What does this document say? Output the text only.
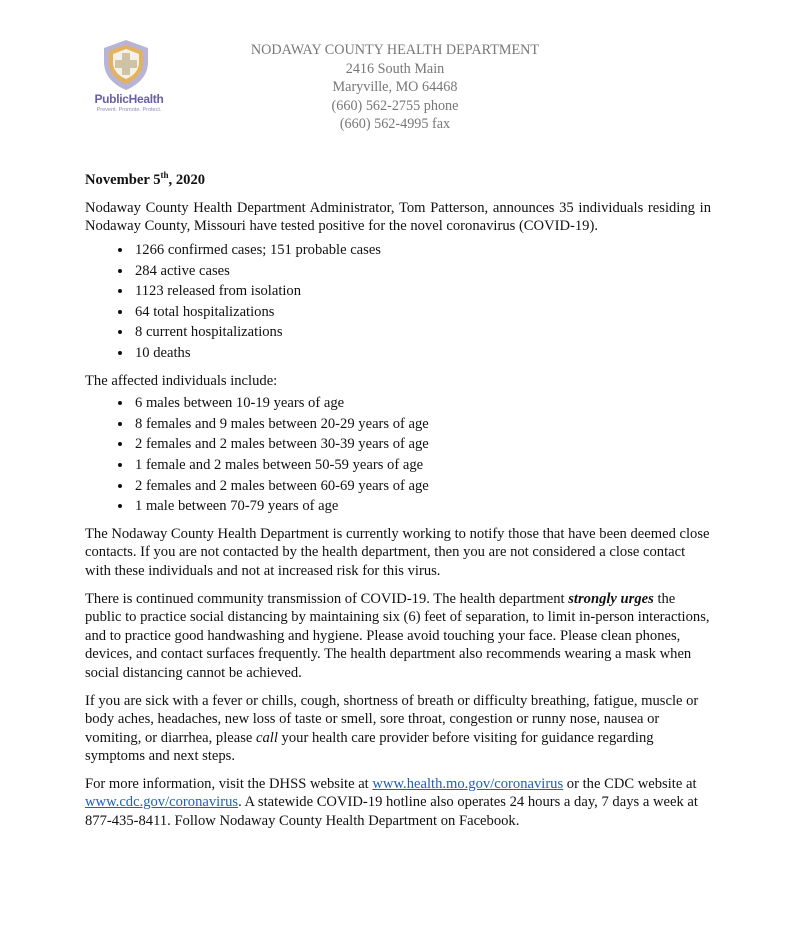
PublicHealth
Prevent. Promote. Protect.
NODAWAY COUNTY HEALTH DEPARTMENT
2416 South Main
Maryville, MO 64468
(660) 562-2755 phone
(660) 562-4995 fax
November 5th, 2020

Nodaway County Health Department Administrator, Tom Patterson, announces 35 individuals residing in Nodaway County, Missouri have tested positive for the novel coronavirus (COVID-19).

• 1266 confirmed cases; 151 probable cases
• 284 active cases
• 1123 released from isolation
• 64 total hospitalizations
• 8 current hospitalizations
• 10 deaths

The affected individuals include:

• 6 males between 10-19 years of age
• 8 females and 9 males between 20-29 years of age
• 2 females and 2 males between 30-39 years of age
• 1 female and 2 males between 50-59 years of age
• 2 females and 2 males between 60-69 years of age
• 1 male between 70-79 years of age

The Nodaway County Health Department is currently working to notify those that have been deemed close contacts. If you are not contacted by the health department, then you are not considered a close contact with these individuals and not at increased risk for this virus.

There is continued community transmission of COVID-19. The health department strongly urges the public to practice social distancing by maintaining six (6) feet of separation, to limit in-person interactions, and to practice good handwashing and hygiene. Please avoid touching your face. Please clean phones, devices, and contact surfaces frequently. The health department also recommends wearing a mask when social distancing cannot be achieved.

If you are sick with a fever or chills, cough, shortness of breath or difficulty breathing, fatigue, muscle or body aches, headaches, new loss of taste or smell, sore throat, congestion or runny nose, nausea or vomiting, or diarrhea, please call your health care provider before visiting for guidance regarding symptoms and next steps.

For more information, visit the DHSS website at www.health.mo.gov/coronavirus or the CDC website at www.cdc.gov/coronavirus. A statewide COVID-19 hotline also operates 24 hours a day, 7 days a week at 877-435-8411. Follow Nodaway County Health Department on Facebook.
